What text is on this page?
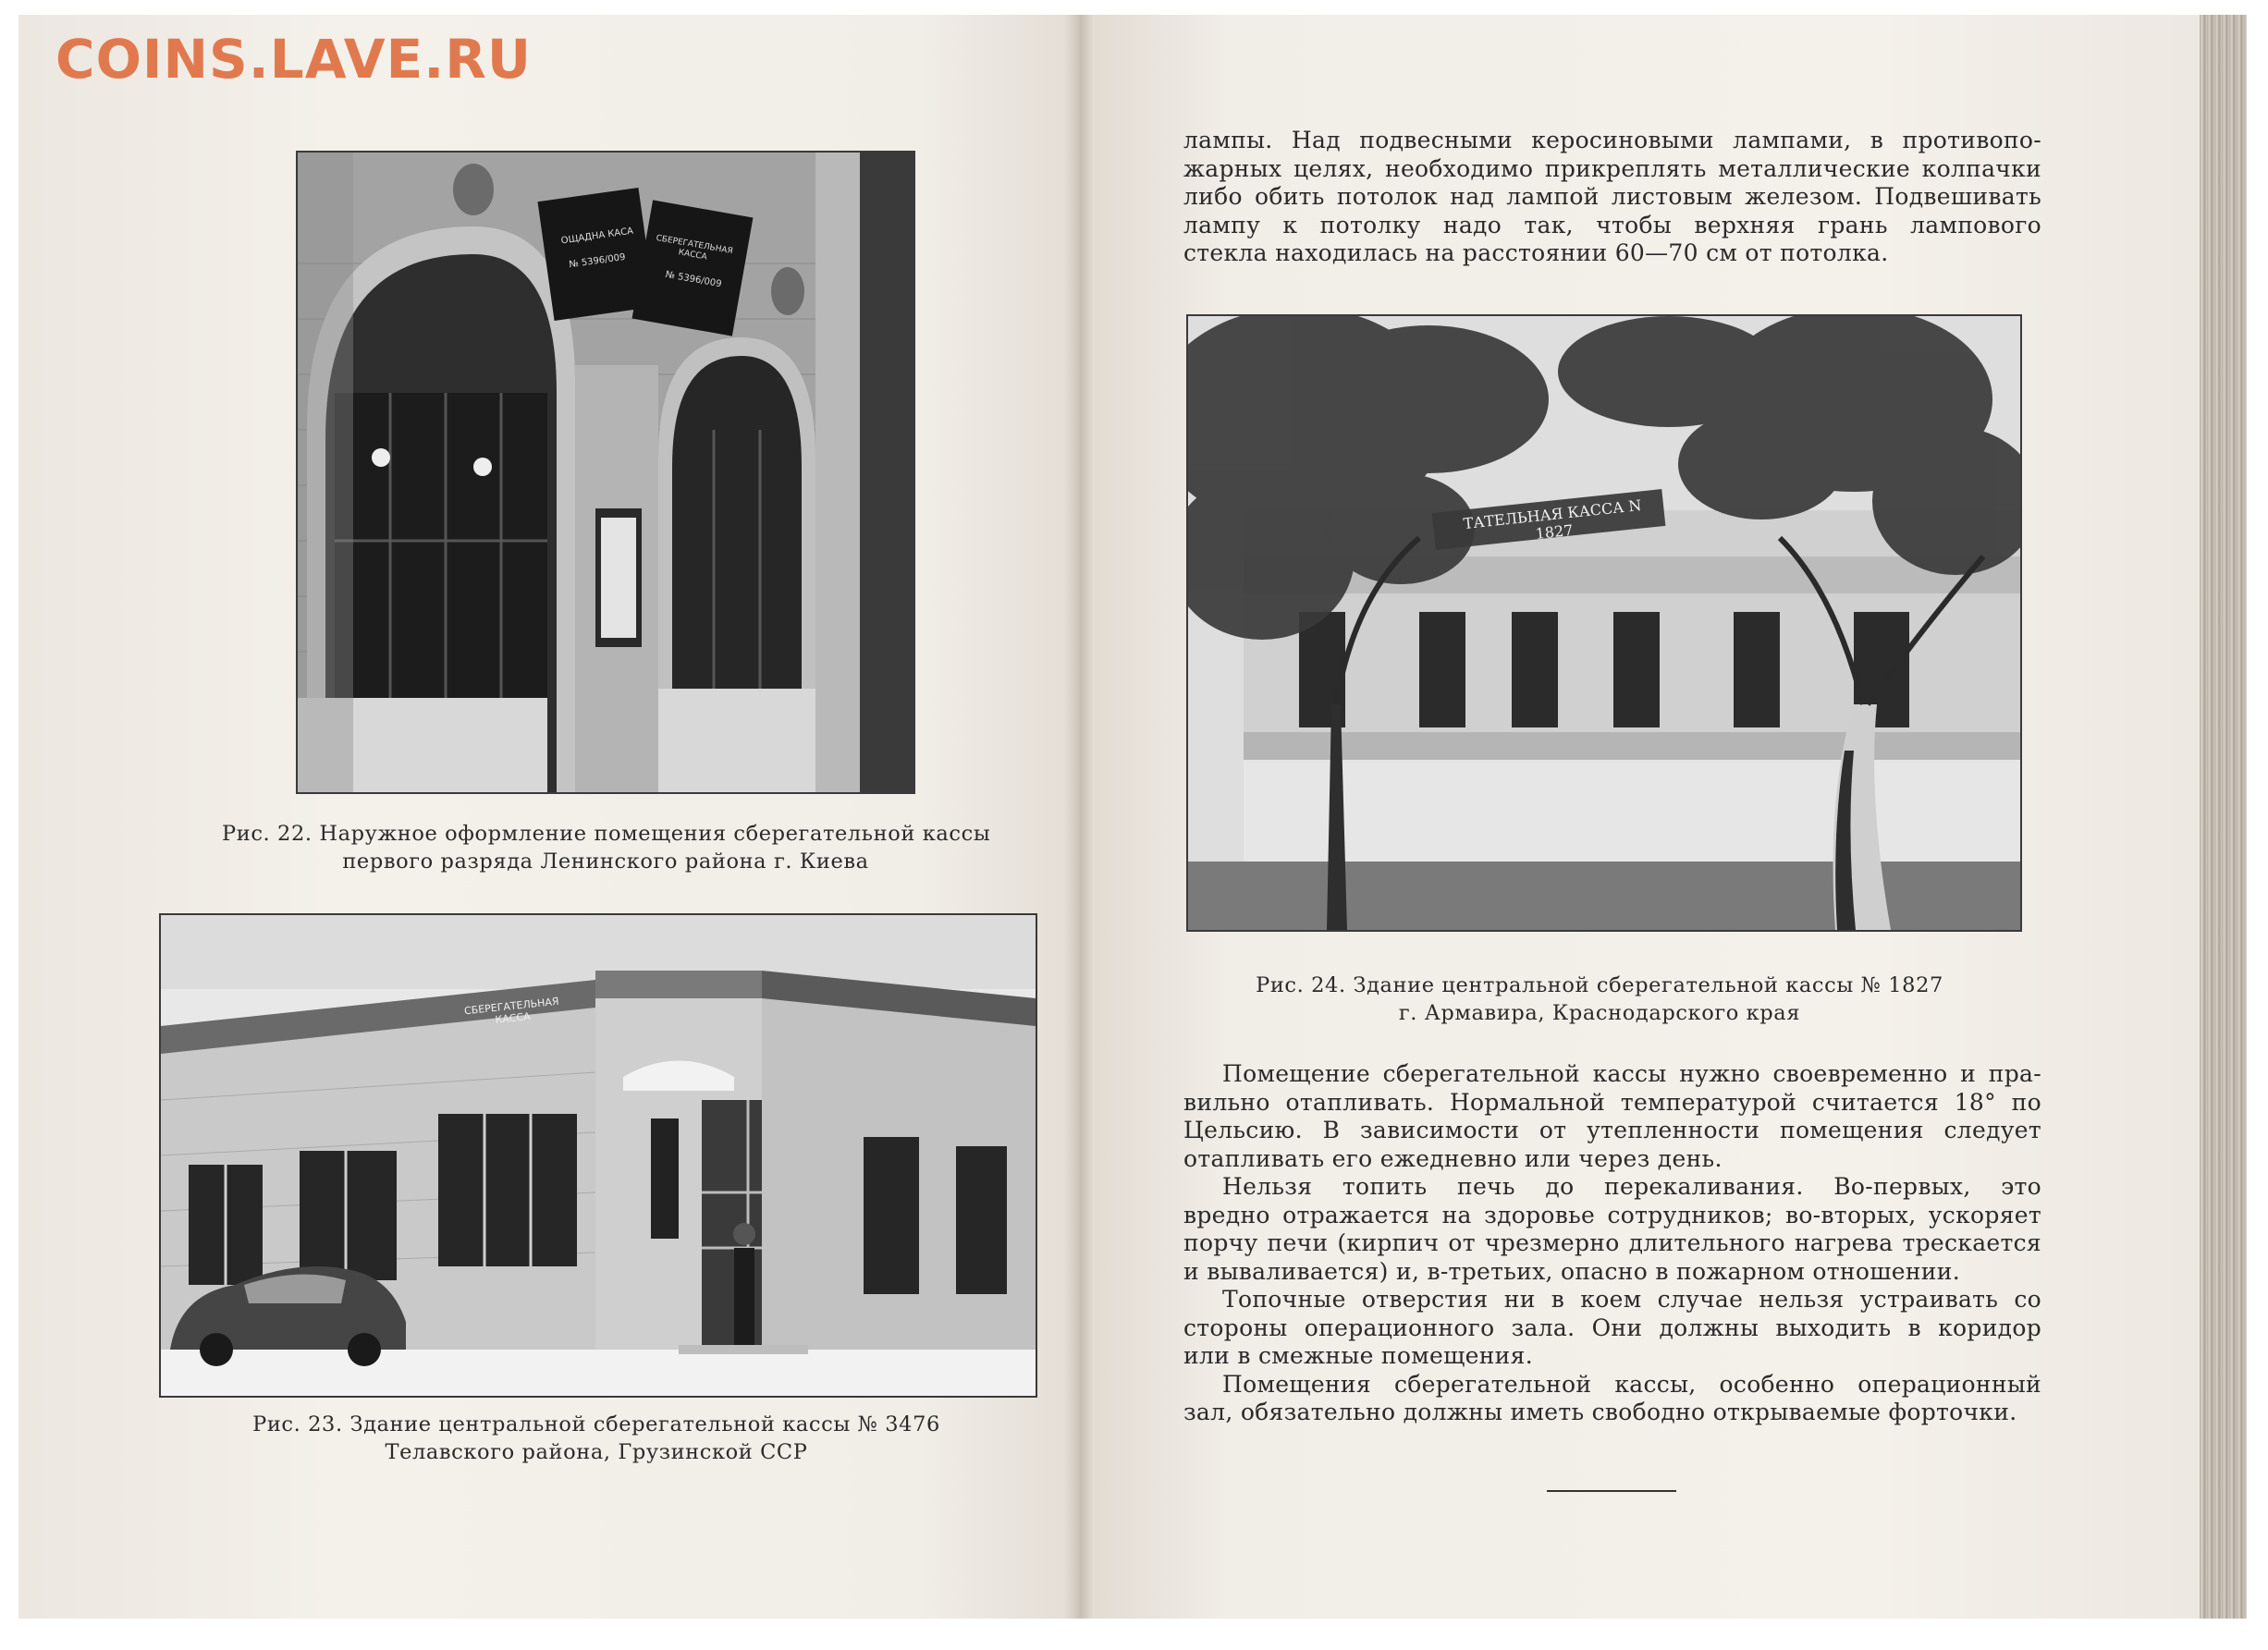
COINS.LAVE.RU
ОЩАДНА КАСА
№ 5396/009
СБЕРЕГАТЕЛЬНАЯ КАССА
№ 5396/009
Рис. 22. Наружное оформление помещения сберегательной кассы
первого разряда Ленинского района г. Киева
СБЕРЕГАТЕЛЬНАЯ КАССА
Рис. 23. Здание центральной сберегательной кассы № 3476
Телавского района, Грузинской ССР

лампы. Над подвесными керосиновыми лампами, в противопо-

жарных целях, необходимо прикреплять металлические колпачки

либо обить потолок над лампой листовым железом. Подвешивать

лампу к потолку надо так, чтобы верхняя грань лампового

стекла находилась на расстоянии 60—70 см от потолка.

ТАТЕЛЬНАЯ КАССА N 1827
Рис. 24. Здание центральной сберегательной кассы № 1827
г. Армавира, Краснодарского края

Помещение сберегательной кассы нужно своевременно и пра-

вильно отапливать. Нормальной температурой считается 18° по

Цельсию. В зависимости от утепленности помещения следует

отапливать его ежедневно или через день.

Нельзя топить печь до перекаливания. Во-первых, это

вредно отражается на здоровье сотрудников; во-вторых, ускоряет

порчу печи (кирпич от чрезмерно длительного нагрева трескается

и вываливается) и, в-третьих, опасно в пожарном отношении.

Топочные отверстия ни в коем случае нельзя устраивать со

стороны операционного зала. Они должны выходить в коридор

или в смежные помещения.

Помещения сберегательной кассы, особенно операционный

зал, обязательно должны иметь свободно открываемые форточки.
